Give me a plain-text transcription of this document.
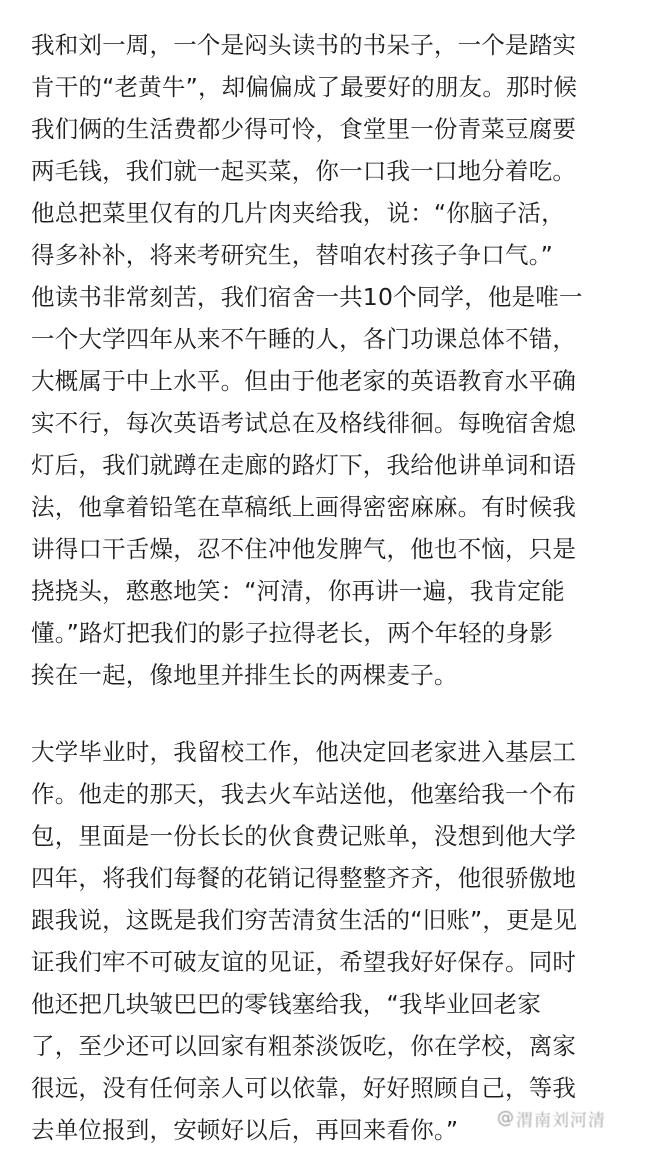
我和刘一周，一个是闷头读书的书呆子，一个是踏实
肯干的“老黄牛”，却偏偏成了最要好的朋友。那时候
我们俩的生活费都少得可怜，食堂里一份青菜豆腐要
两毛钱，我们就一起买菜，你一口我一口地分着吃。
他总把菜里仅有的几片肉夹给我，说：“你脑子活，
得多补补，将来考研究生，替咱农村孩子争口气。”
他读书非常刻苦，我们宿舍一共10个同学，他是唯一
一个大学四年从来不午睡的人，各门功课总体不错，
大概属于中上水平。但由于他老家的英语教育水平确
实不行，每次英语考试总在及格线徘徊。每晚宿舍熄
灯后，我们就蹲在走廊的路灯下，我给他讲单词和语
法，他拿着铅笔在草稿纸上画得密密麻麻。有时候我
讲得口干舌燥，忍不住冲他发脾气，他也不恼，只是
挠挠头，憨憨地笑：“河清，你再讲一遍，我肯定能
懂。”路灯把我们的影子拉得老长，两个年轻的身影
挨在一起，像地里并排生长的两棵麦子。
大学毕业时，我留校工作，他决定回老家进入基层工
作。他走的那天，我去火车站送他，他塞给我一个布
包，里面是一份长长的伙食费记账单，没想到他大学
四年，将我们每餐的花销记得整整齐齐，他很骄傲地
跟我说，这既是我们穷苦清贫生活的“旧账”，更是见
证我们牢不可破友谊的见证，希望我好好保存。同时
他还把几块皱巴巴的零钱塞给我，“我毕业回老家
了，至少还可以回家有粗茶淡饭吃，你在学校，离家
很远，没有任何亲人可以依靠，好好照顾自己，等我
去单位报到，安顿好以后，再回来看你。”	@ 渭南刘河清
